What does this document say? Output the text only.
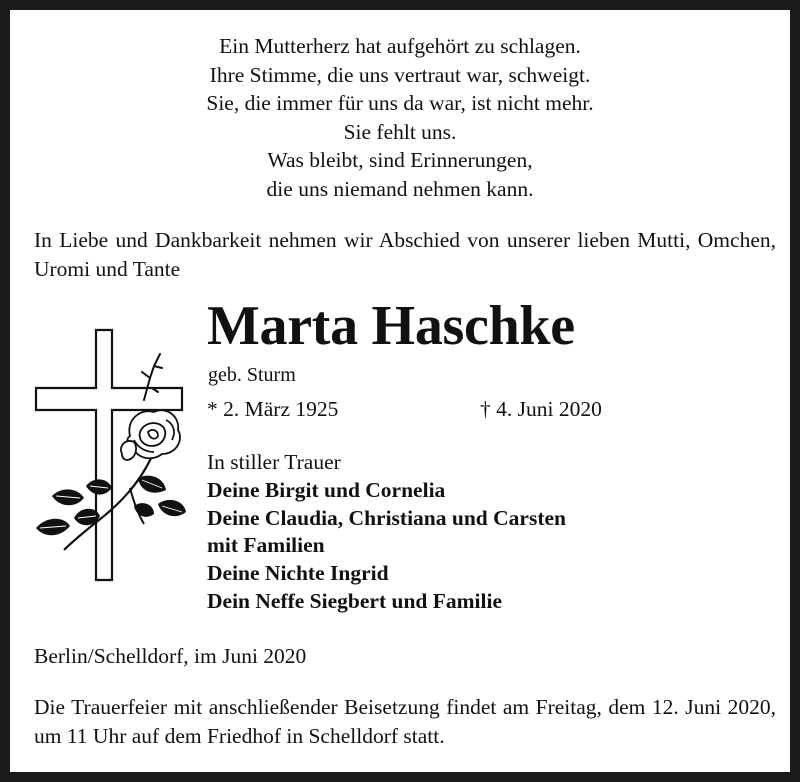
Ein Mutterherz hat aufgehört zu schlagen.
Ihre Stimme, die uns vertraut war, schweigt.
Sie, die immer für uns da war, ist nicht mehr.
Sie fehlt uns.
Was bleibt, sind Erinnerungen,
die uns niemand nehmen kann.
In Liebe und Dankbarkeit nehmen wir Abschied von unserer lieben Mutti, Omchen, Uromi und Tante
Marta Haschke
geb. Sturm
* 2. März 1925	† 4. Juni 2020
In stiller Trauer
Deine Birgit und Cornelia
Deine Claudia, Christiana und Carsten
mit Familien
Deine Nichte Ingrid
Dein Neffe Siegbert und Familie
Berlin/Schelldorf, im Juni 2020
Die Trauerfeier mit anschließender Beisetzung findet am Freitag, dem 12. Juni 2020, um 11 Uhr auf dem Friedhof in Schelldorf statt.
